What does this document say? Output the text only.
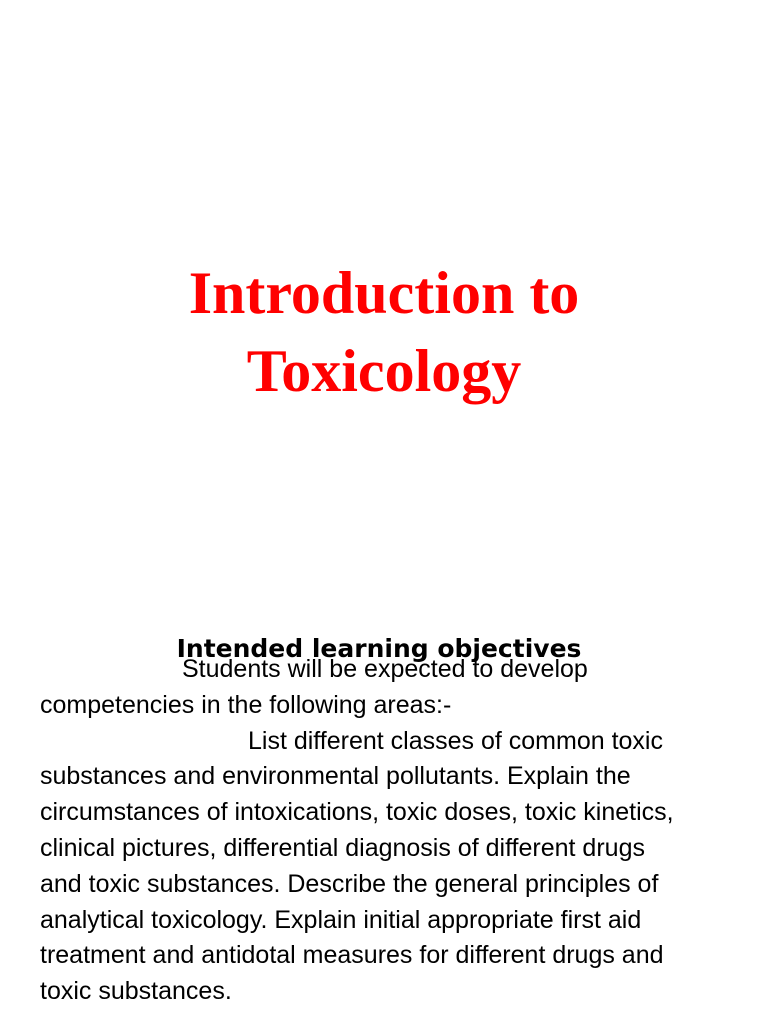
Introduction to
Toxicology
Intended learning objectives
Students will be expected to develop
competencies in the following areas:-
List different classes of common toxic
substances and environmental pollutants. Explain the
circumstances of intoxications, toxic doses, toxic kinetics,
clinical pictures, differential diagnosis of different drugs
and toxic substances. Describe the general principles of
analytical toxicology. Explain initial appropriate first aid
treatment and antidotal measures for different drugs and
toxic substances.
